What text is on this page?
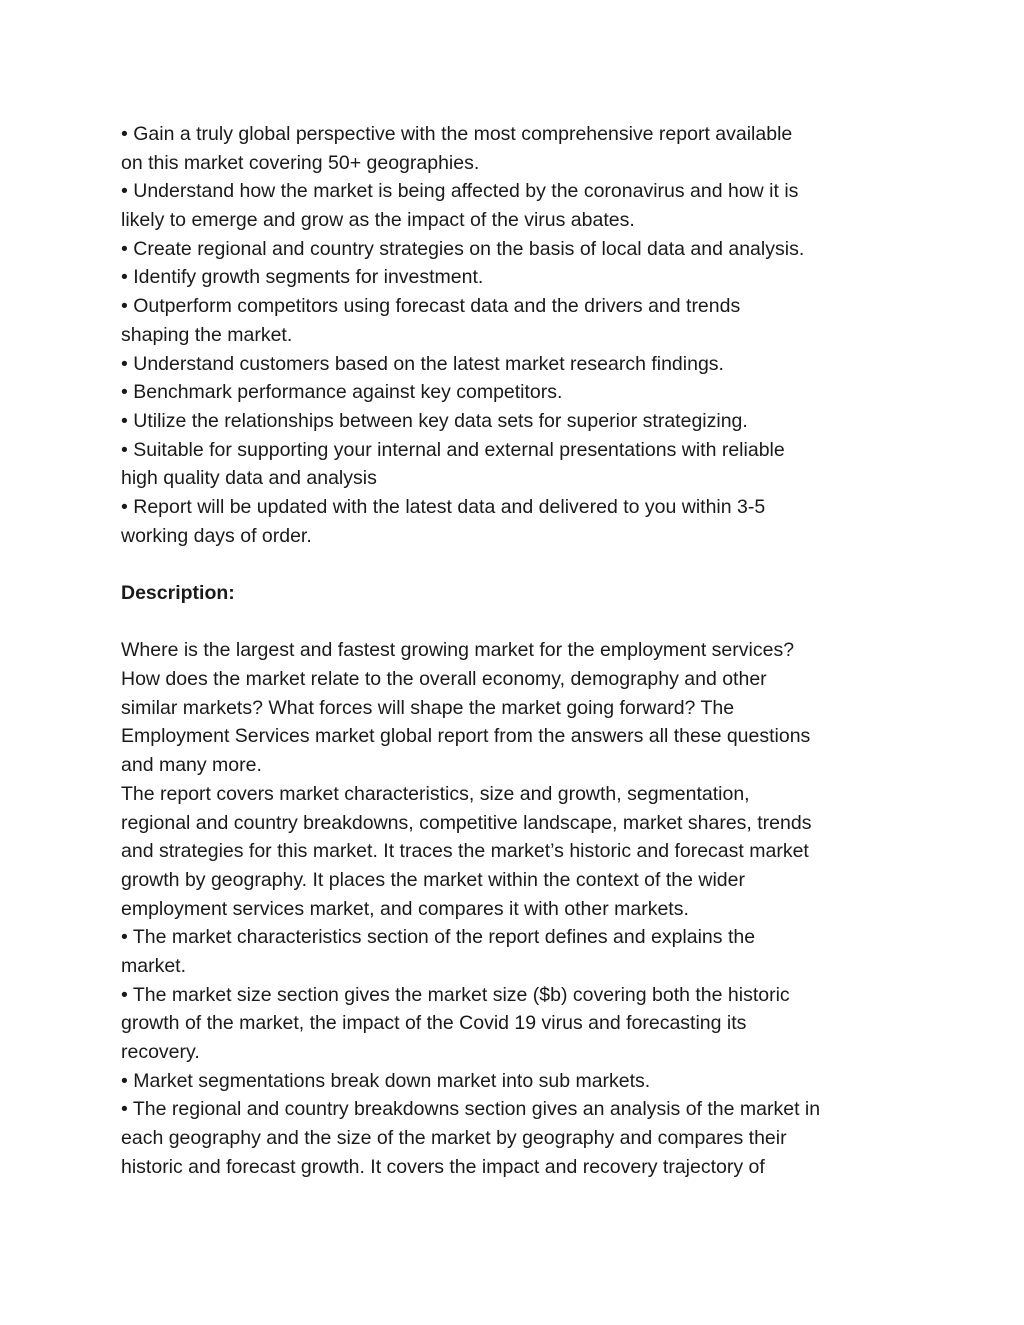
• Gain a truly global perspective with the most comprehensive report available
on this market covering 50+ geographies.
• Understand how the market is being affected by the coronavirus and how it is
likely to emerge and grow as the impact of the virus abates.
• Create regional and country strategies on the basis of local data and analysis.
• Identify growth segments for investment.
• Outperform competitors using forecast data and the drivers and trends
shaping the market.
• Understand customers based on the latest market research findings.
• Benchmark performance against key competitors.
• Utilize the relationships between key data sets for superior strategizing.
• Suitable for supporting your internal and external presentations with reliable
high quality data and analysis
• Report will be updated with the latest data and delivered to you within 3-5
working days of order.
Description:
Where is the largest and fastest growing market for the employment services?
How does the market relate to the overall economy, demography and other
similar markets? What forces will shape the market going forward? The
Employment Services market global report from the answers all these questions
and many more.
The report covers market characteristics, size and growth, segmentation,
regional and country breakdowns, competitive landscape, market shares, trends
and strategies for this market. It traces the market’s historic and forecast market
growth by geography. It places the market within the context of the wider
employment services market, and compares it with other markets.
• The market characteristics section of the report defines and explains the
market.
• The market size section gives the market size ($b) covering both the historic
growth of the market, the impact of the Covid 19 virus and forecasting its
recovery.
• Market segmentations break down market into sub markets.
• The regional and country breakdowns section gives an analysis of the market in
each geography and the size of the market by geography and compares their
historic and forecast growth. It covers the impact and recovery trajectory of
